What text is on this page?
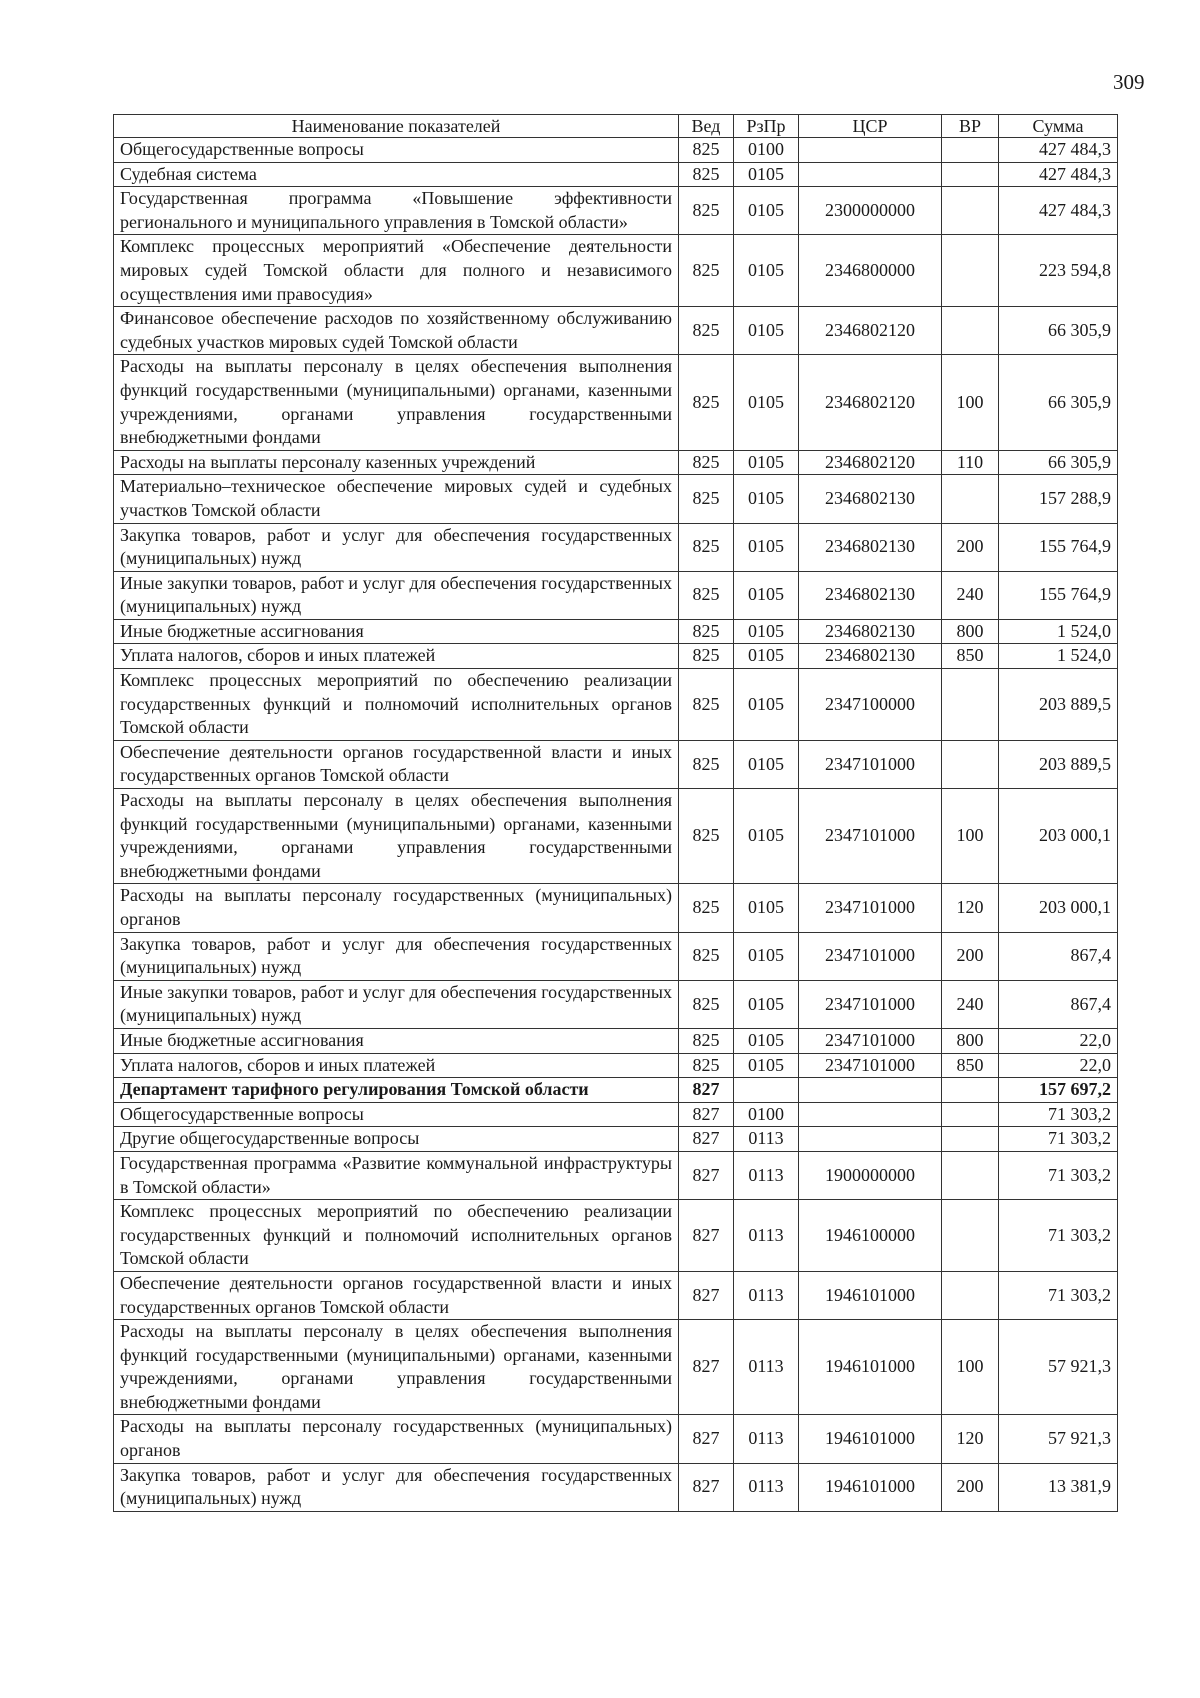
309
Наименование показателей	Вед	РзПр	ЦСР	ВР	Сумма
Общегосударственные вопросы	825	0100			427 484,3
Судебная система	825	0105			427 484,3
Государственная программа «Повышение эффективности регионального и муниципального управления в Томской области»	825	0105	2300000000		427 484,3
Комплекс процессных мероприятий «Обеспечение деятельности мировых судей Томской области для полного и независимого осуществления ими правосудия»	825	0105	2346800000		223 594,8
Финансовое обеспечение расходов по хозяйственному обслуживанию судебных участков мировых судей Томской области	825	0105	2346802120		66 305,9
Расходы на выплаты персоналу в целях обеспечения выполнения функций государственными (муниципальными) органами, казенными учреждениями, органами управления государственными внебюджетными фондами	825	0105	2346802120	100	66 305,9
Расходы на выплаты персоналу казенных учреждений	825	0105	2346802120	110	66 305,9
Материально–техническое обеспечение мировых судей и судебных участков Томской области	825	0105	2346802130		157 288,9
Закупка товаров, работ и услуг для обеспечения государственных (муниципальных) нужд	825	0105	2346802130	200	155 764,9
Иные закупки товаров, работ и услуг для обеспечения государственных (муниципальных) нужд	825	0105	2346802130	240	155 764,9
Иные бюджетные ассигнования	825	0105	2346802130	800	1 524,0
Уплата налогов, сборов и иных платежей	825	0105	2346802130	850	1 524,0
Комплекс процессных мероприятий по обеспечению реализации государственных функций и полномочий исполнительных органов Томской области	825	0105	2347100000		203 889,5
Обеспечение деятельности органов государственной власти и иных государственных органов Томской области	825	0105	2347101000		203 889,5
Расходы на выплаты персоналу в целях обеспечения выполнения функций государственными (муниципальными) органами, казенными учреждениями, органами управления государственными внебюджетными фондами	825	0105	2347101000	100	203 000,1
Расходы на выплаты персоналу государственных (муниципальных) органов	825	0105	2347101000	120	203 000,1
Закупка товаров, работ и услуг для обеспечения государственных (муниципальных) нужд	825	0105	2347101000	200	867,4
Иные закупки товаров, работ и услуг для обеспечения государственных (муниципальных) нужд	825	0105	2347101000	240	867,4
Иные бюджетные ассигнования	825	0105	2347101000	800	22,0
Уплата налогов, сборов и иных платежей	825	0105	2347101000	850	22,0
Департамент тарифного регулирования Томской области	827				157 697,2
Общегосударственные вопросы	827	0100			71 303,2
Другие общегосударственные вопросы	827	0113			71 303,2
Государственная программа «Развитие коммунальной инфраструктуры в Томской области»	827	0113	1900000000		71 303,2
Комплекс процессных мероприятий по обеспечению реализации государственных функций и полномочий исполнительных органов Томской области	827	0113	1946100000		71 303,2
Обеспечение деятельности органов государственной власти и иных государственных органов Томской области	827	0113	1946101000		71 303,2
Расходы на выплаты персоналу в целях обеспечения выполнения функций государственными (муниципальными) органами, казенными учреждениями, органами управления государственными внебюджетными фондами	827	0113	1946101000	100	57 921,3
Расходы на выплаты персоналу государственных (муниципальных) органов	827	0113	1946101000	120	57 921,3
Закупка товаров, работ и услуг для обеспечения государственных (муниципальных) нужд	827	0113	1946101000	200	13 381,9
